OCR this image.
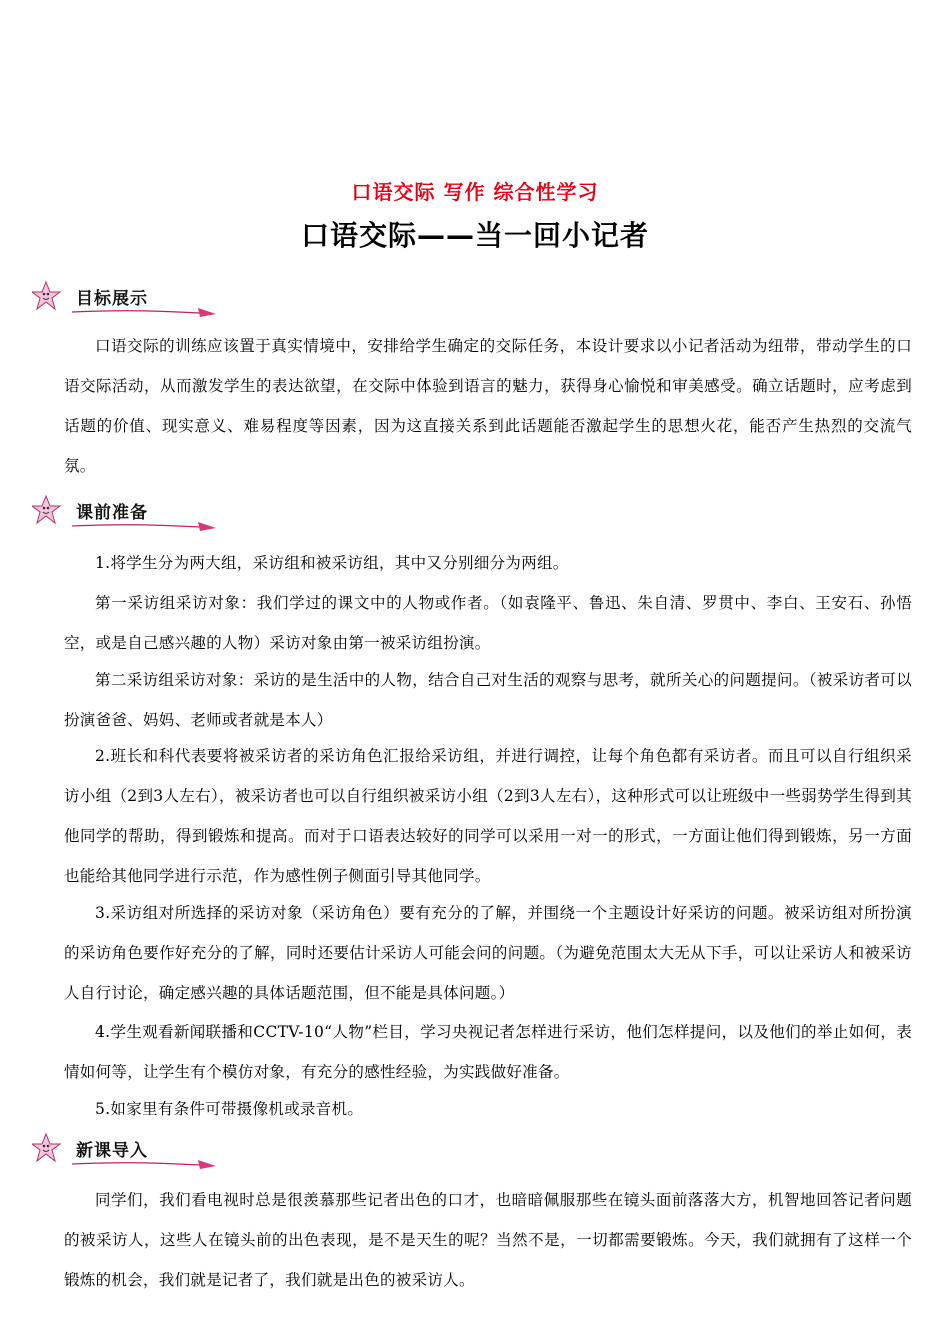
口语交际 写作 综合性学习
口语交际——当一回小记者
目标展示

口语交际的训练应该置于真实情境中，安排给学生确定的交际任务，本设计要求以小记者活动为纽带，带动学生的口语交际活动，从而激发学生的表达欲望，在交际中体验到语言的魅力，获得身心愉悦和审美感受。确立话题时，应考虑到话题的价值、现实意义、难易程度等因素，因为这直接关系到此话题能否激起学生的思想火花，能否产生热烈的交流气氛。

课前准备

1.将学生分为两大组，采访组和被采访组，其中又分别细分为两组。

第一采访组采访对象：我们学过的课文中的人物或作者。（如袁隆平、鲁迅、朱自清、罗贯中、李白、王安石、孙悟空，或是自己感兴趣的人物）采访对象由第一被采访组扮演。

第二采访组采访对象：采访的是生活中的人物，结合自己对生活的观察与思考，就所关心的问题提问。（被采访者可以扮演爸爸、妈妈、老师或者就是本人）

2.班长和科代表要将被采访者的采访角色汇报给采访组，并进行调控，让每个角色都有采访者。而且可以自行组织采访小组（2到3人左右），被采访者也可以自行组织被采访小组（2到3人左右），这种形式可以让班级中一些弱势学生得到其他同学的帮助，得到锻炼和提高。而对于口语表达较好的同学可以采用一对一的形式，一方面让他们得到锻炼，另一方面也能给其他同学进行示范，作为感性例子侧面引导其他同学。

3.采访组对所选择的采访对象（采访角色）要有充分的了解，并围绕一个主题设计好采访的问题。被采访组对所扮演的采访角色要作好充分的了解，同时还要估计采访人可能会问的问题。（为避免范围太大无从下手，可以让采访人和被采访人自行讨论，确定感兴趣的具体话题范围，但不能是具体问题。）

4.学生观看新闻联播和CCTV-10“人物”栏目，学习央视记者怎样进行采访，他们怎样提问，以及他们的举止如何，表情如何等，让学生有个模仿对象，有充分的感性经验，为实践做好准备。

5.如家里有条件可带摄像机或录音机。

新课导入

同学们，我们看电视时总是很羡慕那些记者出色的口才，也暗暗佩服那些在镜头面前落落大方，机智地回答记者问题的被采访人，这些人在镜头前的出色表现，是不是天生的呢？当然不是，一切都需要锻炼。今天，我们就拥有了这样一个锻炼的机会，我们就是记者了，我们就是出色的被采访人。
